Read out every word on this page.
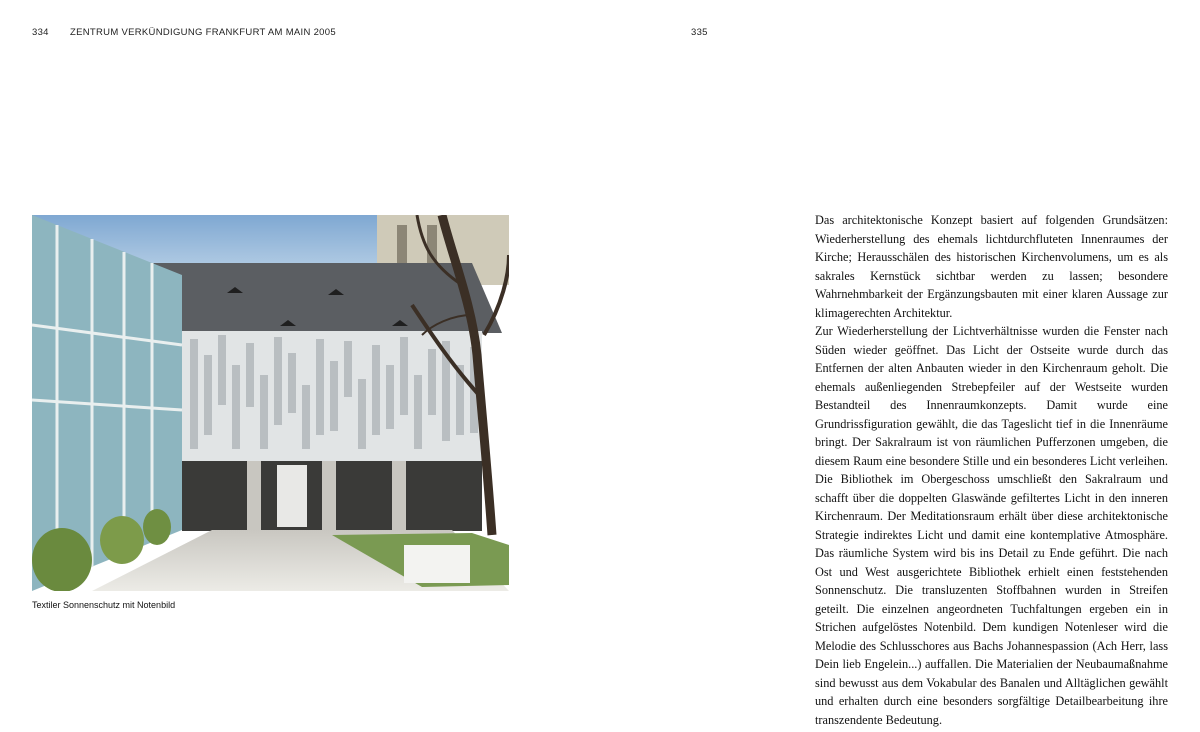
334 ZENTRUM VERKÜNDIGUNG FRANKFURT AM MAIN 2005	335
Textiler Sonnenschutz mit Notenbild

Das architektonische Konzept basiert auf folgenden Grundsätzen: Wiederherstellung des ehemals lichtdurchfluteten Innenraumes der Kirche; Herausschälen des historischen Kirchenvolumens, um es als sakrales Kernstück sichtbar werden zu lassen; besondere Wahrnehmbarkeit der Ergänzungsbauten mit einer klaren Aussage zur klimagerechten Architektur.

Zur Wiederherstellung der Lichtverhältnisse wurden die Fenster nach Süden wieder geöffnet. Das Licht der Ostseite wurde durch das Entfernen der alten Anbauten wieder in den Kirchenraum geholt. Die ehemals außenliegenden Strebepfeiler auf der Westseite wurden Bestandteil des Innenraumkonzepts. Damit wurde eine Grundrissfiguration gewählt, die das Tageslicht tief in die Innenräume bringt. Der Sakralraum ist von räumlichen Pufferzonen umgeben, die diesem Raum eine besondere Stille und ein besonderes Licht verleihen. Die Bibliothek im Obergeschoss umschließt den Sakralraum und schafft über die doppelten Glaswände gefiltertes Licht in den inneren Kirchenraum. Der Meditationsraum erhält über diese architektonische Strategie indirektes Licht und damit eine kontemplative Atmosphäre. Das räumliche System wird bis ins Detail zu Ende geführt. Die nach Ost und West ausgerichtete Bibliothek erhielt einen feststehenden Sonnenschutz. Die transluzenten Stoffbahnen wurden in Streifen geteilt. Die einzelnen angeordneten Tuchfaltungen ergeben ein in Strichen aufgelöstes Notenbild. Dem kundigen Notenleser wird die Melodie des Schlusschores aus Bachs Johannespassion (Ach Herr, lass Dein lieb Engelein...) auffallen. Die Materialien der Neubaumaßnahme sind bewusst aus dem Vokabular des Banalen und Alltäglichen gewählt und erhalten durch eine besonders sorgfältige Detailbearbeitung ihre transzendente Bedeutung.
